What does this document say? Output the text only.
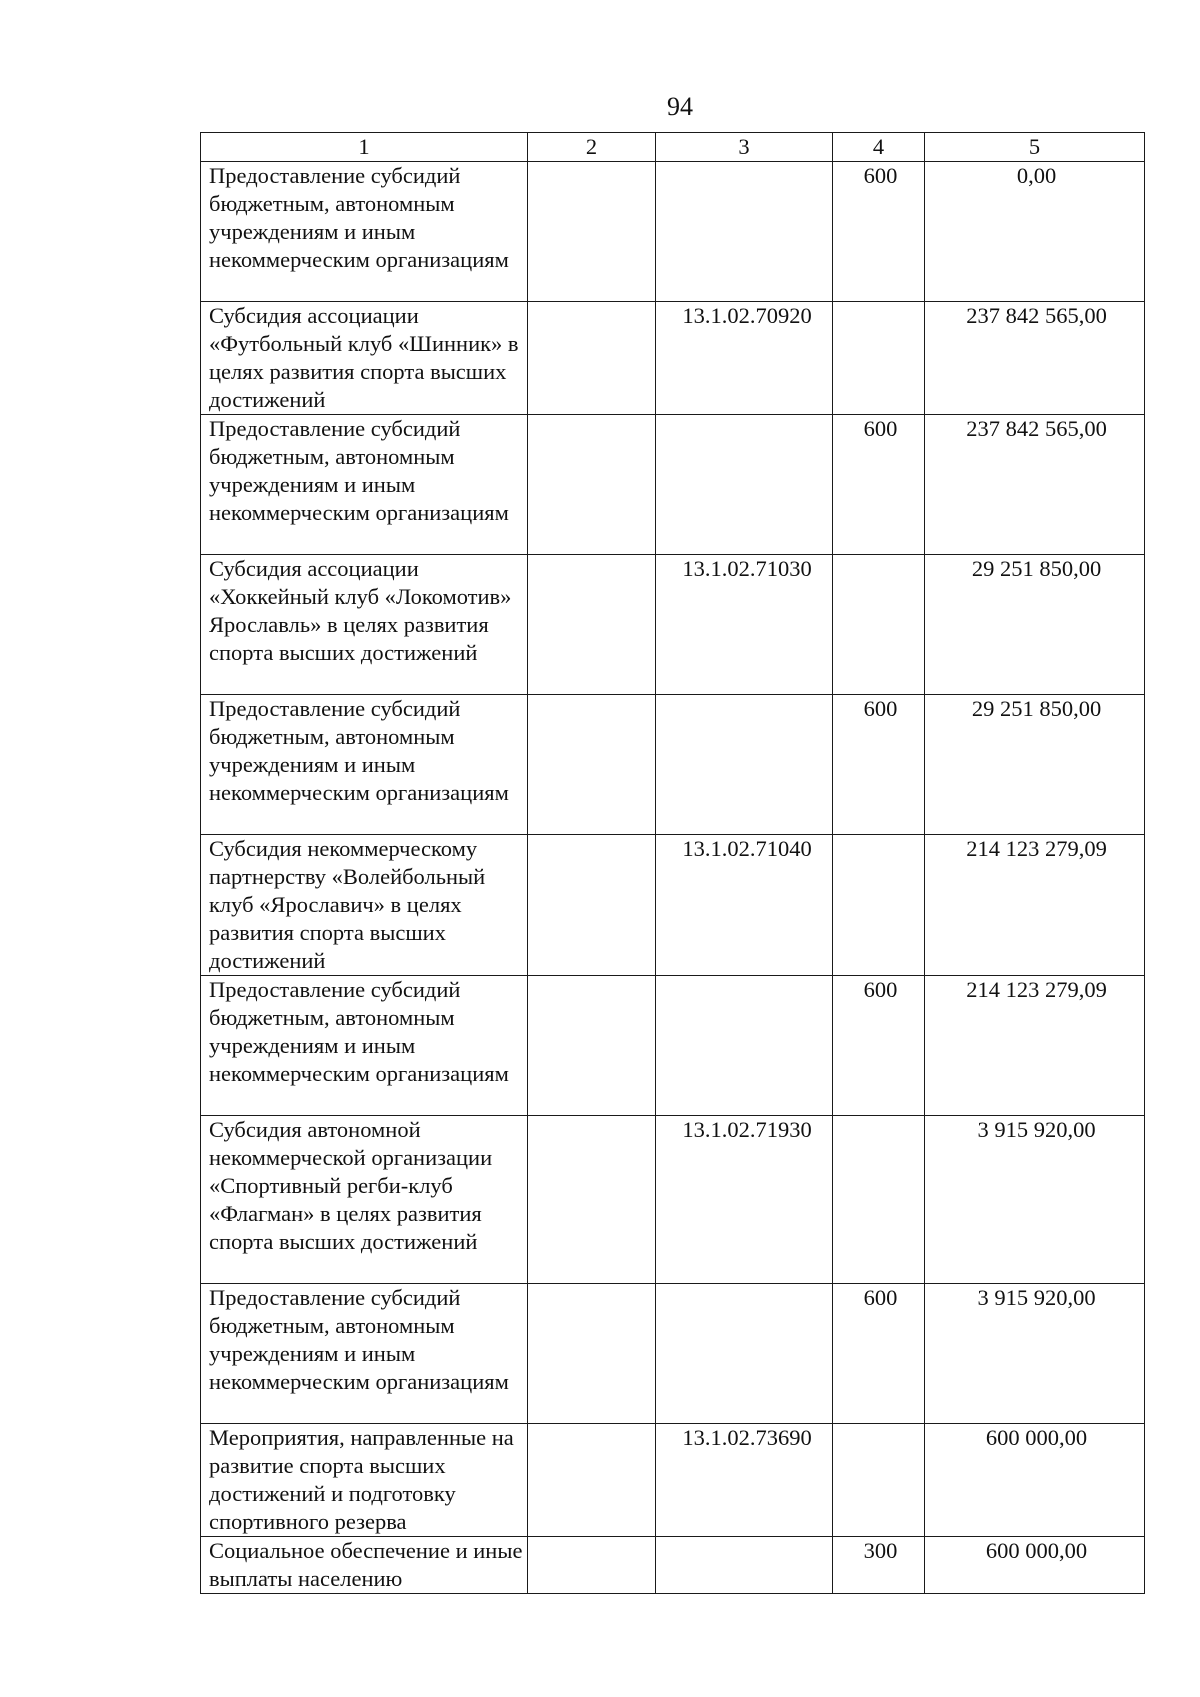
94
1	2	3	4	5
Предоставление субсидий бюджетным, автономным учреждениям и иным некоммерческим организациям			600	0,00
Субсидия ассоциации «Футбольный клуб «Шинник» в целях развития спорта высших достижений		13.1.02.70920		237 842 565,00
Предоставление субсидий бюджетным, автономным учреждениям и иным некоммерческим организациям			600	237 842 565,00
Субсидия ассоциации «Хоккейный клуб «Локомотив» Ярославль» в целях развития спорта высших достижений		13.1.02.71030		29 251 850,00
Предоставление субсидий бюджетным, автономным учреждениям и иным некоммерческим организациям			600	29 251 850,00
Субсидия некоммерческому партнерству «Волейбольный клуб «Ярославич» в целях развития спорта высших достижений		13.1.02.71040		214 123 279,09
Предоставление субсидий бюджетным, автономным учреждениям и иным некоммерческим организациям			600	214 123 279,09
Субсидия автономной некоммерческой организации «Спортивный регби-клуб «Флагман» в целях развития спорта высших достижений		13.1.02.71930		3 915 920,00
Предоставление субсидий бюджетным, автономным учреждениям и иным некоммерческим организациям			600	3 915 920,00
Мероприятия, направленные на развитие спорта высших достижений и подготовку спортивного резерва		13.1.02.73690		600 000,00
Социальное обеспечение и иные выплаты населению			300	600 000,00
